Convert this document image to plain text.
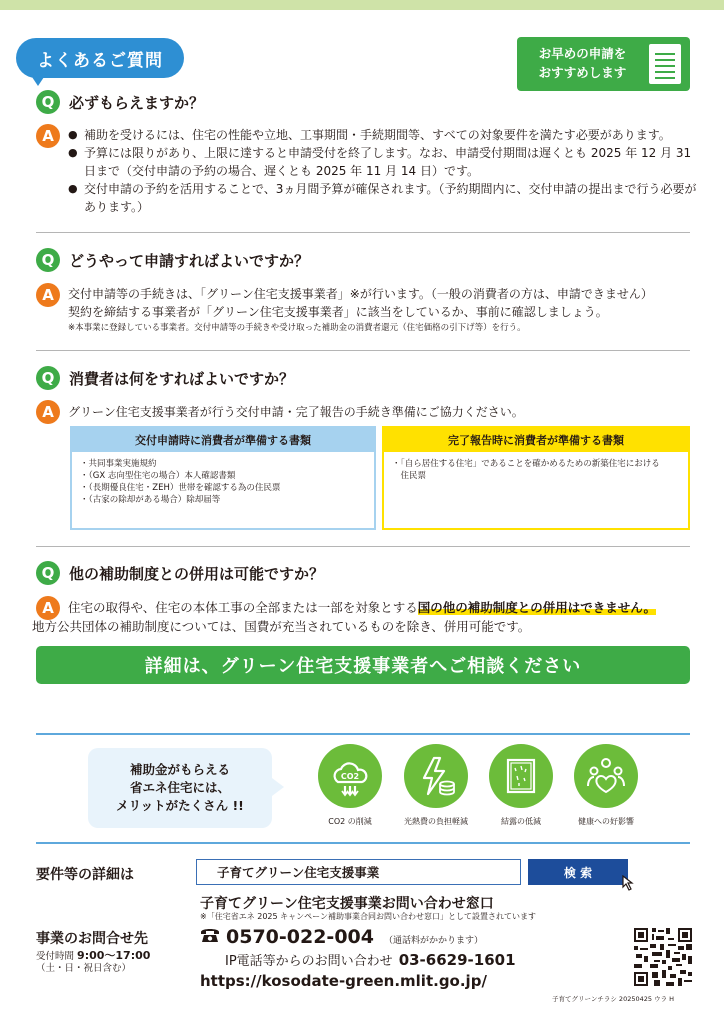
よくあるご質問	お早めの申請を
おすすめします
Q 必ずもらえますか？
A
●	補助を受けるには、住宅の性能や立地、工事期間・手続期間等、すべての対象要件を満たす必要があります。
● 予算には限りがあり、上限に達すると申請受付を終了します。なお、申請受付期間は遅くとも 2025 年 12 月 31 日まで（交付申請の予約の場合、遅くとも 2025 年 11 月 14 日）です。
● 交付申請の予約を活用することで、3ヵ月間予算が確保されます。（予約期間内に、交付申請の提出まで行う必要があります。）
Q どうやって申請すればよいですか？
A	交付申請等の手続きは、「グリーン住宅支援事業者」※が行います。（一般の消費者の方は、申請できません）
契約を締結する事業者が「グリーン住宅支援事業者」に該当をしているか、事前に確認しましょう。
※本事業に登録している事業者。交付申請等の手続きや受け取った補助金の消費者還元（住宅価格の引下げ等）を行う。
Q 消費者は何をすればよいですか？
A	グリーン住宅支援事業者が行う交付申請・完了報告の手続き準備にご協力ください。
交付申請時に消費者が準備する書類
・共同事業実施規約
・（GX 志向型住宅の場合）本人確認書類
・（長期優良住宅・ZEH）世帯を確認する為の住民票
・（古家の除却がある場合）除却届等
完了報告時に消費者が準備する書類
・「自ら居住する住宅」であることを確かめるための新築住宅における
　住民票
Q 他の補助制度との併用は可能ですか？
A	住宅の取得や、住宅の本体工事の全部または一部を対象とする国の他の補助制度との併用はできません。
地方公共団体の補助制度については、国費が充当されているものを除き、併用可能です。
詳細は、グリーン住宅支援事業者へご相談ください
補助金がもらえる
省エネ住宅には、
メリットがたくさん !!
CO2
CO2 の削減	光熱費の負担軽減	結露の低減	健康への好影響
要件等の詳細は
子育てグリーン住宅支援事業	検 索
子育てグリーン住宅支援事業お問い合わせ窓口
※「住宅省エネ 2025 キャンペーン補助事業合同お問い合わせ窓口」として設置されています
事業のお問合せ先
受付時間 9:00〜17:00
（土・日・祝日含む）
0570-022-004 （通話料がかかります）
IP電話等からのお問い合わせ 03-6629-1601
https://kosodate-green.mlit.go.jp/
子育てグリーンチラシ 20250425 ウラ H
